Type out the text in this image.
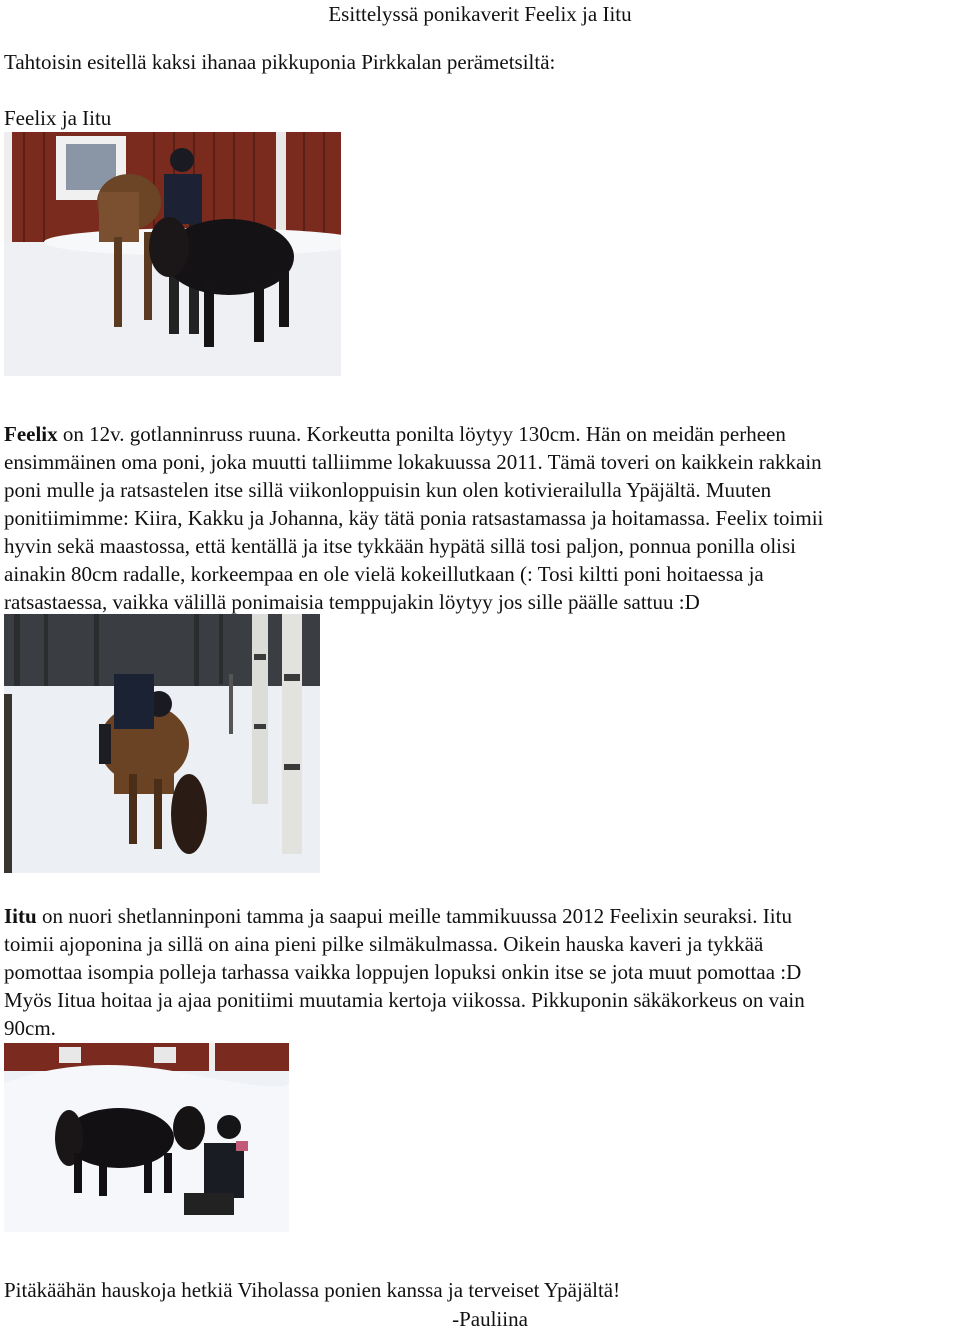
Esittelyssä ponikaverit Feelix ja Iitu
Tahtoisin esitellä kaksi ihanaa pikkuponia Pirkkalan perämetsiltä:
Feelix ja Iitu
Feelix on 12v. gotlanninruss ruuna. Korkeutta ponilta löytyy 130cm. Hän on meidän perheen
ensimmäinen oma poni, joka muutti talliimme lokakuussa 2011. Tämä toveri on kaikkein rakkain
poni mulle ja ratsastelen itse sillä viikonloppuisin kun olen kotivierailulla Ypäjältä. Muuten
ponitiimimme: Kiira, Kakku ja Johanna, käy tätä ponia ratsastamassa ja hoitamassa. Feelix toimii
hyvin sekä maastossa, että kentällä ja itse tykkään hypätä sillä tosi paljon, ponnua ponilla olisi
ainakin 80cm radalle, korkeempaa en ole vielä kokeillutkaan (: Tosi kiltti poni hoitaessa ja
ratsastaessa, vaikka välillä ponimaisia temppujakin löytyy jos sille päälle sattuu :D
Iitu on nuori shetlanninponi tamma ja saapui meille tammikuussa 2012 Feelixin seuraksi. Iitu
toimii ajoponina ja sillä on aina pieni pilke silmäkulmassa. Oikein hauska kaveri ja tykkää
pomottaa isompia polleja tarhassa vaikka loppujen lopuksi onkin itse se jota muut pomottaa :D
Myös Iitua hoitaa ja ajaa ponitiimi muutamia kertoja viikossa. Pikkuponin säkäkorkeus on vain
90cm.
Pitäkäähän hauskoja hetkiä Viholassa ponien kanssa ja terveiset Ypäjältä!
-Pauliina
